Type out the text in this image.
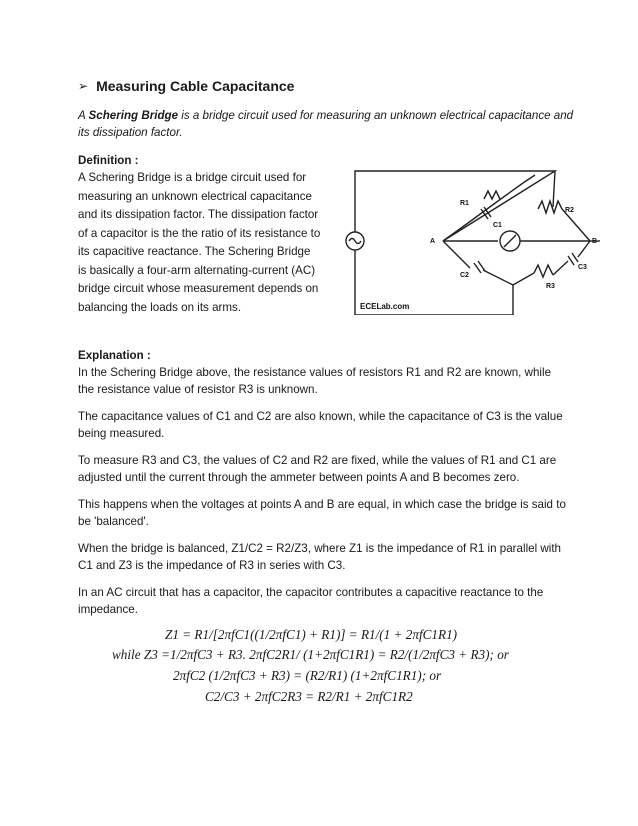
➢ Measuring Cable Capacitance
A Schering Bridge is a bridge circuit used for measuring an unknown electrical capacitance and its dissipation factor.
Definition :
A Schering Bridge is a bridge circuit used for
measuring an unknown electrical capacitance
and its dissipation factor. The dissipation factor
of a capacitor is the the ratio of its resistance to
its capacitive reactance. The Schering Bridge
is basically a four-arm alternating-current (AC)
bridge circuit whose measurement depends on
balancing the loads on its arms.
R1
C1
R2
C2
R3
C3
A	B
ECELab.com
Explanation :

In the Schering Bridge above, the resistance values of resistors R1 and R2 are known, while the resistance value of resistor R3 is unknown.

The capacitance values of C1 and C2 are also known, while the capacitance of C3 is the value being measured.

To measure R3 and C3, the values of C2 and R2 are fixed, while the values of R1 and C1 are adjusted until the current through the ammeter between points A and B becomes zero.

This happens when the voltages at points A and B are equal, in which case the bridge is said to be 'balanced'.

When the bridge is balanced, Z1/C2 = R2/Z3, where Z1 is the impedance of R1 in parallel with C1 and Z3 is the impedance of R3 in series with C3.

In an AC circuit that has a capacitor, the capacitor contributes a capacitive reactance to the impedance.

Z1 = R1/[2πfC1((1/2πfC1) + R1)] = R1/(1 + 2πfC1R1)
while Z3 =1/2πfC3 + R3. 2πfC2R1/ (1+2πfC1R1) = R2/(1/2πfC3 + R3); or
2πfC2 (1/2πfC3 + R3) = (R2/R1) (1+2πfC1R1); or
C2/C3 + 2πfC2R3 = R2/R1 + 2πfC1R2
